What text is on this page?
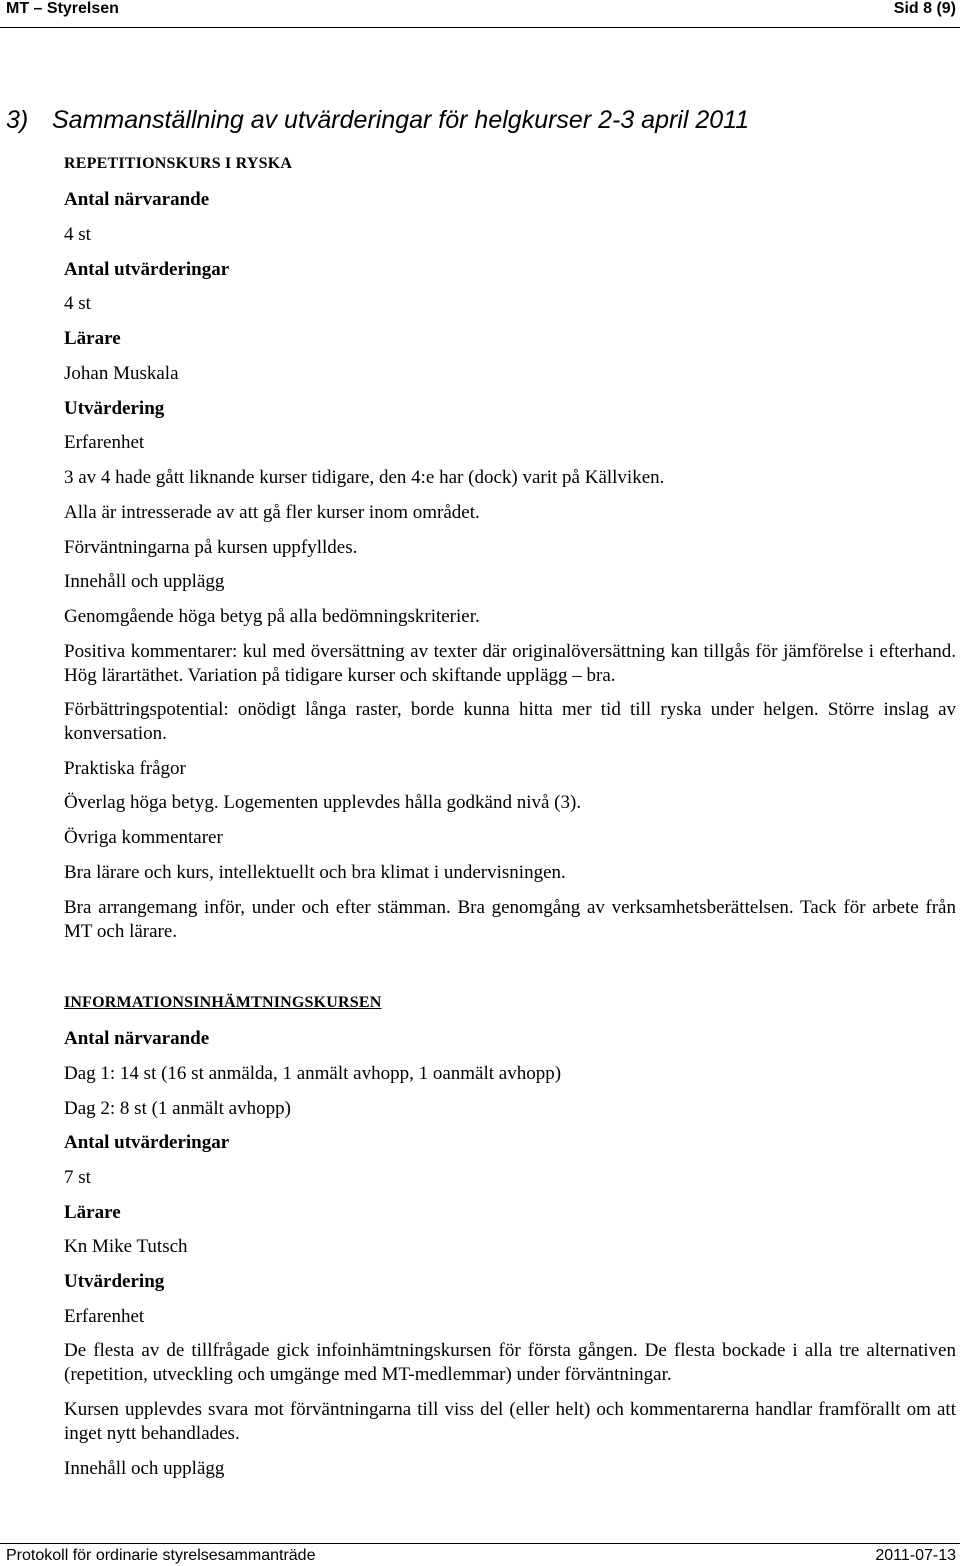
MT – Styrelsen	Sid 8 (9)
3) Sammanställning av utvärderingar för helgkurser 2-3 april 2011
REPETITIONSKURS I RYSKA
Antal närvarande
4 st
Antal utvärderingar
4 st
Lärare
Johan Muskala
Utvärdering
Erfarenhet
3 av 4 hade gått liknande kurser tidigare, den 4:e har (dock) varit på Källviken.
Alla är intresserade av att gå fler kurser inom området.
Förväntningarna på kursen uppfylldes.
Innehåll och upplägg
Genomgående höga betyg på alla bedömningskriterier.
Positiva kommentarer: kul med översättning av texter där originalöversättning kan tillgås för jämförelse i efterhand. Hög lärartäthet. Variation på tidigare kurser och skiftande upplägg – bra.
Förbättringspotential: onödigt långa raster, borde kunna hitta mer tid till ryska under helgen. Större inslag av konversation.
Praktiska frågor
Överlag höga betyg. Logementen upplevdes hålla godkänd nivå (3).
Övriga kommentarer
Bra lärare och kurs, intellektuellt och bra klimat i undervisningen.
Bra arrangemang inför, under och efter stämman. Bra genomgång av verksamhetsberättelsen. Tack för arbete från MT och lärare.
INFORMATIONSINHÄMTNINGSKURSEN
Antal närvarande
Dag 1: 14 st (16 st anmälda, 1 anmält avhopp, 1 oanmält avhopp)
Dag 2: 8 st (1 anmält avhopp)
Antal utvärderingar
7 st
Lärare
Kn Mike Tutsch
Utvärdering
Erfarenhet
De flesta av de tillfrågade gick infoinhämtningskursen för första gången. De flesta bockade i alla tre alternativen (repetition, utveckling och umgänge med MT-medlemmar) under förväntningar.
Kursen upplevdes svara mot förväntningarna till viss del (eller helt) och kommentarerna handlar framförallt om att inget nytt behandlades.
Innehåll och upplägg
Protokoll för ordinarie styrelsesammanträde	2011-07-13
